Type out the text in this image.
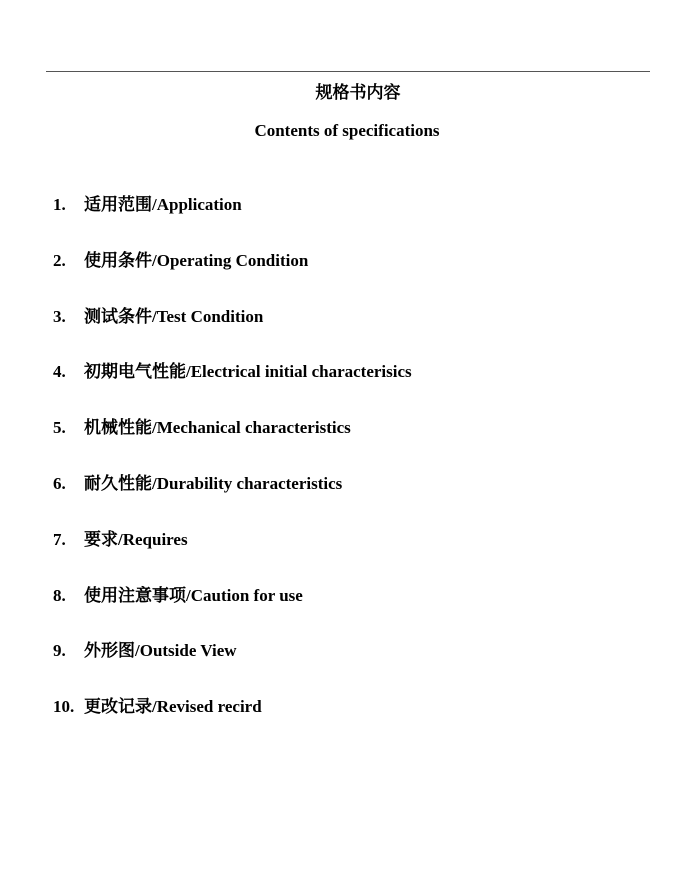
规格书内容
Contents of specifications
1. 适用范围/Application
2. 使用条件/Operating Condition
3. 测试条件/Test Condition
4. 初期电气性能/Electrical initial characterisics
5. 机械性能/Mechanical characteristics
6. 耐久性能/Durability characteristics
7. 要求/Requires
8. 使用注意事项/Caution for use
9. 外形图/Outside View
10. 更改记录/Revised recird
